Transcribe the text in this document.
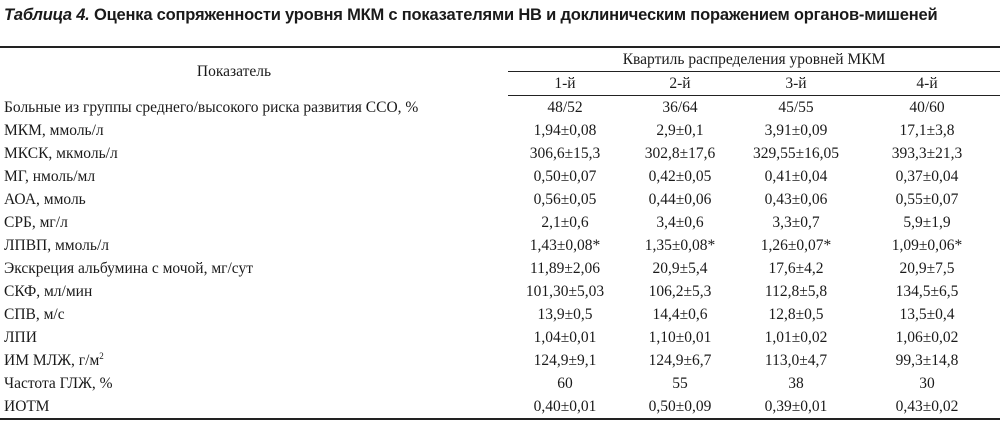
Таблица 4. Оценка сопряженности уровня МКМ с показателями НВ и доклиническим поражением органов-мишеней
Показатель	Квартиль распределения уровней МКМ			
	1-й	2-й	3-й	4-й
Больные из группы среднего/высокого риска развития ССО, %	48/52	36/64	45/55	40/60
МКМ, ммоль/л	1,94±0,08	2,9±0,1	3,91±0,09	17,1±3,8
МКСК, мкмоль/л	306,6±15,3	302,8±17,6	329,55±16,05	393,3±21,3
МГ, нмоль/мл	0,50±0,07	0,42±0,05	0,41±0,04	0,37±0,04
АОА, ммоль	0,56±0,05	0,44±0,06	0,43±0,06	0,55±0,07
СРБ, мг/л	2,1±0,6	3,4±0,6	3,3±0,7	5,9±1,9
ЛПВП, ммоль/л	1,43±0,08*	1,35±0,08*	1,26±0,07*	1,09±0,06*
Экскреция альбумина с мочой, мг/сут	11,89±2,06	20,9±5,4	17,6±4,2	20,9±7,5
СКФ, мл/мин	101,30±5,03	106,2±5,3	112,8±5,8	134,5±6,5
СПВ, м/с	13,9±0,5	14,4±0,6	12,8±0,5	13,5±0,4
ЛПИ	1,04±0,01	1,10±0,01	1,01±0,02	1,06±0,02
ИМ МЛЖ, $г/м^2$	124,9±9,1	124,9±6,7	113,0±4,7	99,3±14,8
Частота ГЛЖ, %	60	55	38	30
ИОТМ	0,40±0,01	0,50±0,09	0,39±0,01	0,43±0,02
